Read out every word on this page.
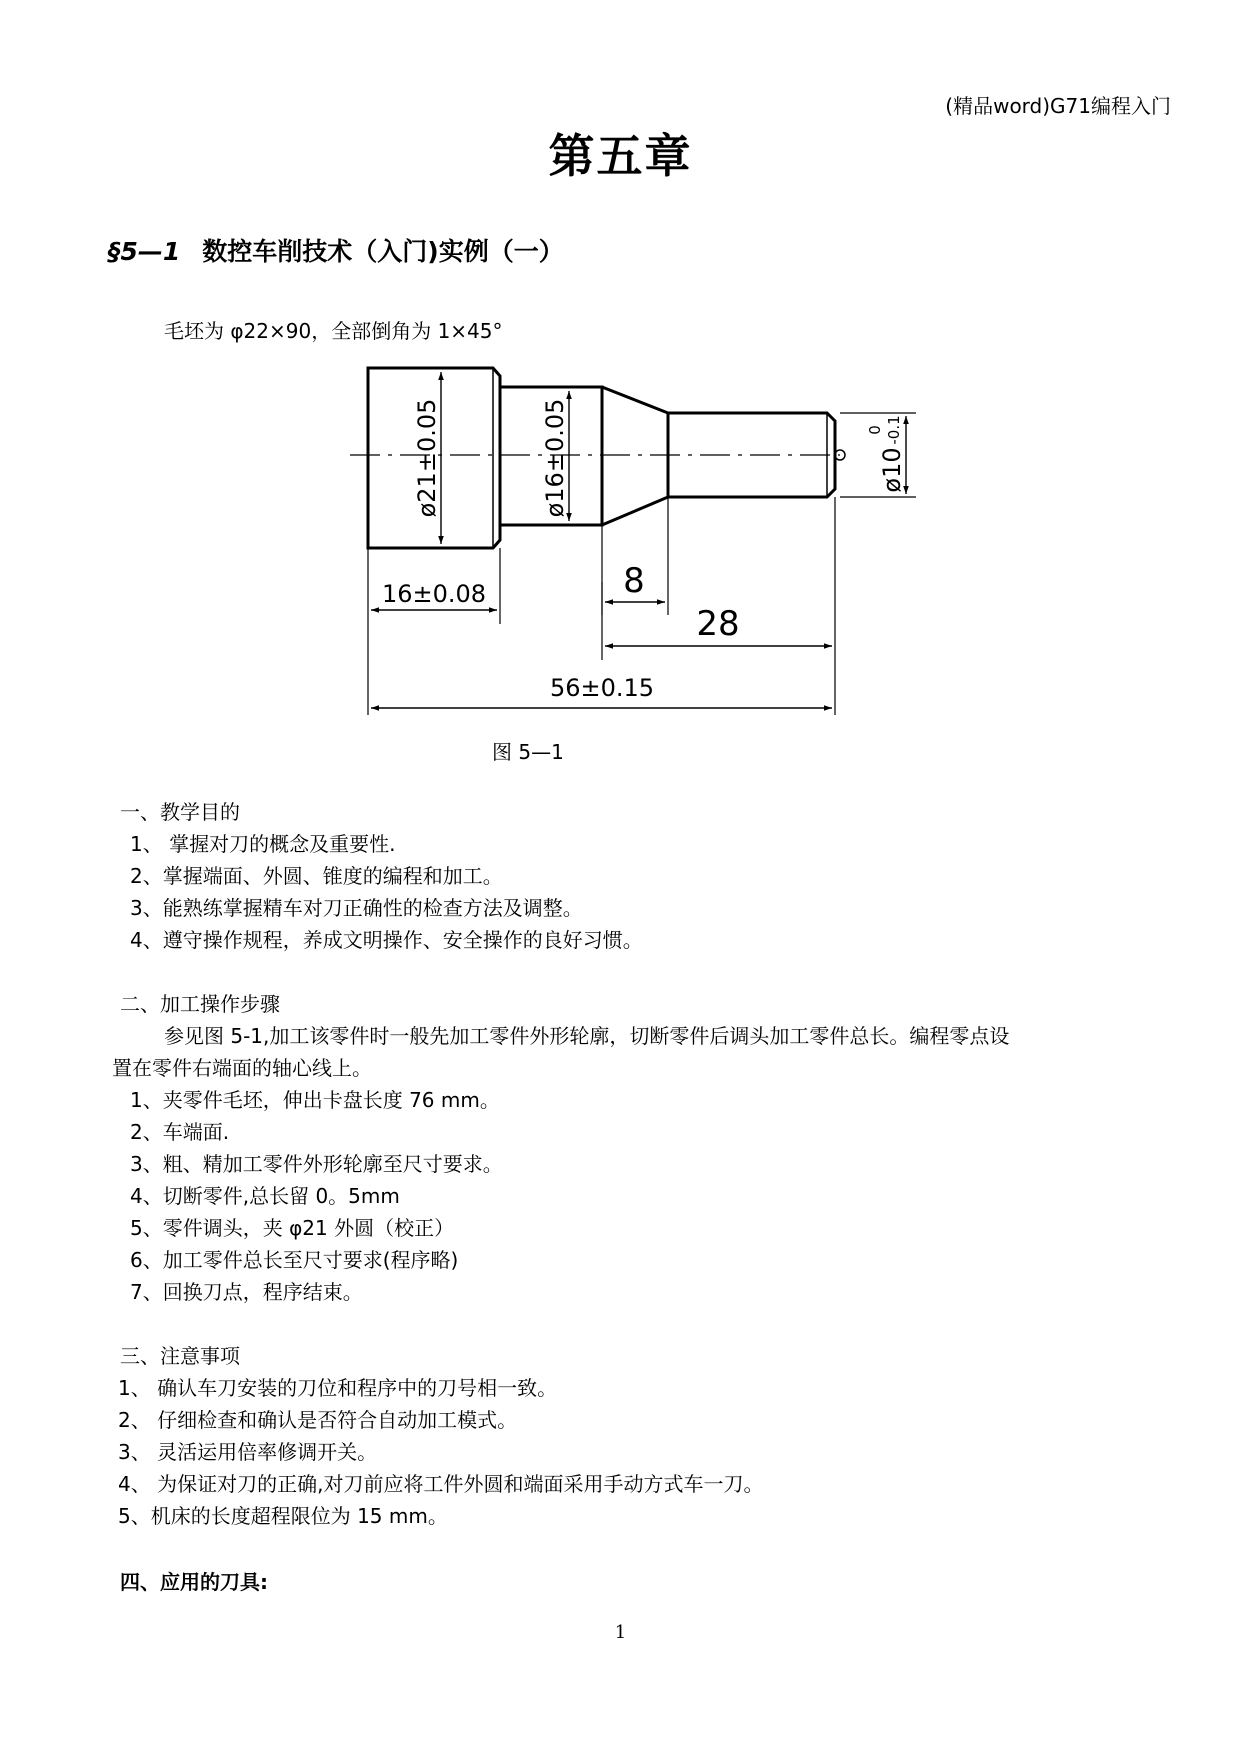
(精品word)G71编程入门
第五章
§5—1 数控车削技术（入门)实例（一）
毛坯为 φ22×90，全部倒角为 1×45°
ø21±0.05	ø16±0.05	ø10
0 -0.1
16±0.08	8
28
56±0.15
图 5—1
一、教学目的
1、 掌握对刀的概念及重要性.
2、掌握端面、外圆、锥度的编程和加工。
3、能熟练掌握精车对刀正确性的检查方法及调整。
4、遵守操作规程，养成文明操作、安全操作的良好习惯。
二、加工操作步骤
参见图 5-1,加工该零件时一般先加工零件外形轮廓，切断零件后调头加工零件总长。编程零点设
置在零件右端面的轴心线上。
1、夹零件毛坯，伸出卡盘长度 76 mm。
2、车端面.
3、粗、精加工零件外形轮廓至尺寸要求。
4、切断零件,总长留 0。5mm
5、零件调头，夹 φ21 外圆（校正）
6、加工零件总长至尺寸要求(程序略)
7、回换刀点，程序结束。
三、注意事项
1、 确认车刀安装的刀位和程序中的刀号相一致。
2、 仔细检查和确认是否符合自动加工模式。
3、 灵活运用倍率修调开关。
4、 为保证对刀的正确,对刀前应将工件外圆和端面采用手动方式车一刀。
5、机床的长度超程限位为 15 mm。
四、应用的刀具:
1
